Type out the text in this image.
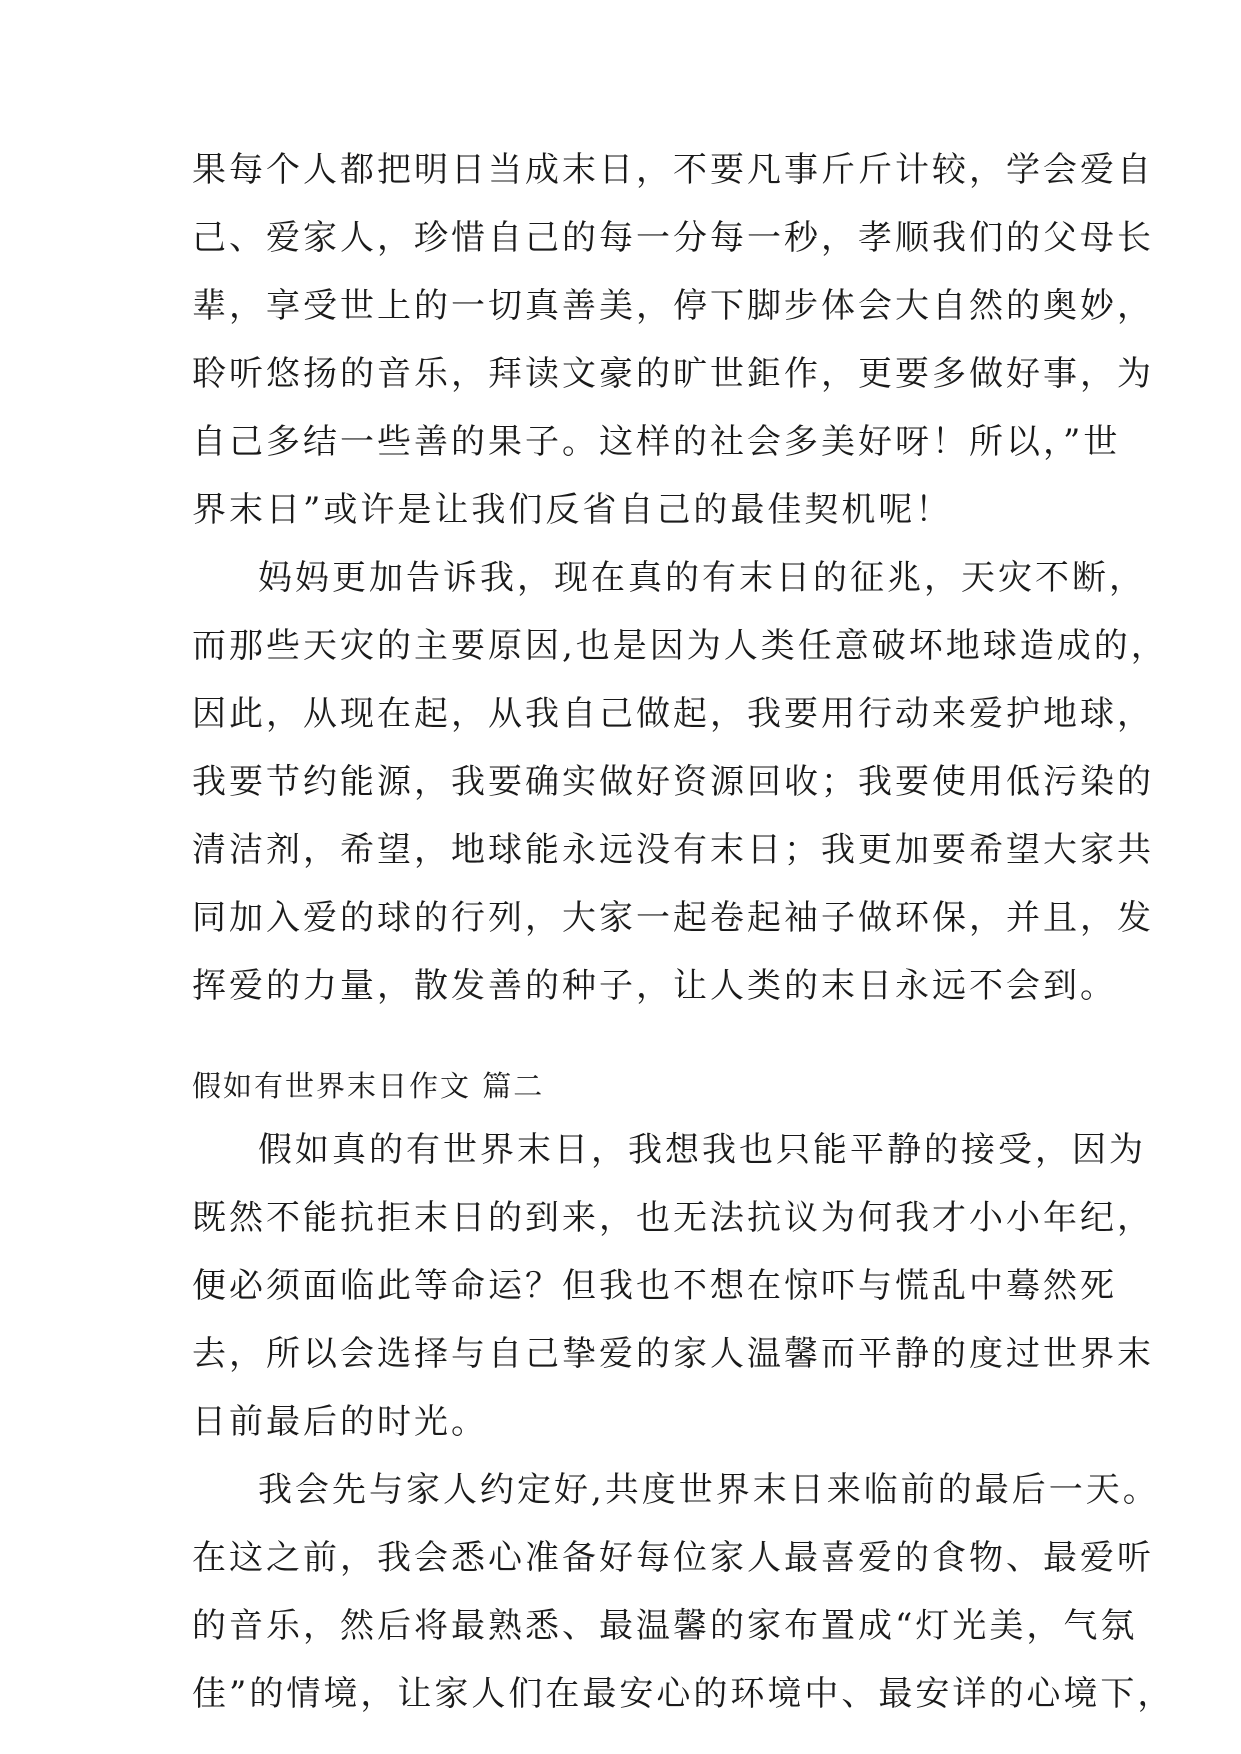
果每个人都把明日当成末日，不要凡事斤斤计较，学会爱自
己、爱家人，珍惜自己的每一分每一秒，孝顺我们的父母长
辈，享受世上的一切真善美，停下脚步体会大自然的奥妙，
聆听悠扬的音乐，拜读文豪的旷世鉅作，更要多做好事，为
自己多结一些善的果子。这样的社会多美好呀！所以，”世
界末日”或许是让我们反省自己的最佳契机呢！
妈妈更加告诉我，现在真的有末日的征兆，天灾不断，
而那些天灾的主要原因,也是因为人类任意破坏地球造成的，
因此，从现在起，从我自己做起，我要用行动来爱护地球，
我要节约能源，我要确实做好资源回收；我要使用低污染的
清洁剂，希望，地球能永远没有末日；我更加要希望大家共
同加入爱的球的行列，大家一起卷起袖子做环保，并且，发
挥爱的力量，散发善的种子，让人类的末日永远不会到。
假如有世界末日作文 篇二
假如真的有世界末日，我想我也只能平静的接受，因为
既然不能抗拒末日的到来，也无法抗议为何我才小小年纪，
便必须面临此等命运？但我也不想在惊吓与慌乱中蓦然死
去，所以会选择与自己挚爱的家人温馨而平静的度过世界末
日前最后的时光。
我会先与家人约定好,共度世界末日来临前的最后一天。
在这之前，我会悉心准备好每位家人最喜爱的食物、最爱听
的音乐，然后将最熟悉、最温馨的家布置成“灯光美，气氛
佳”的情境，让家人们在最安心的环境中、最安详的心境下，
